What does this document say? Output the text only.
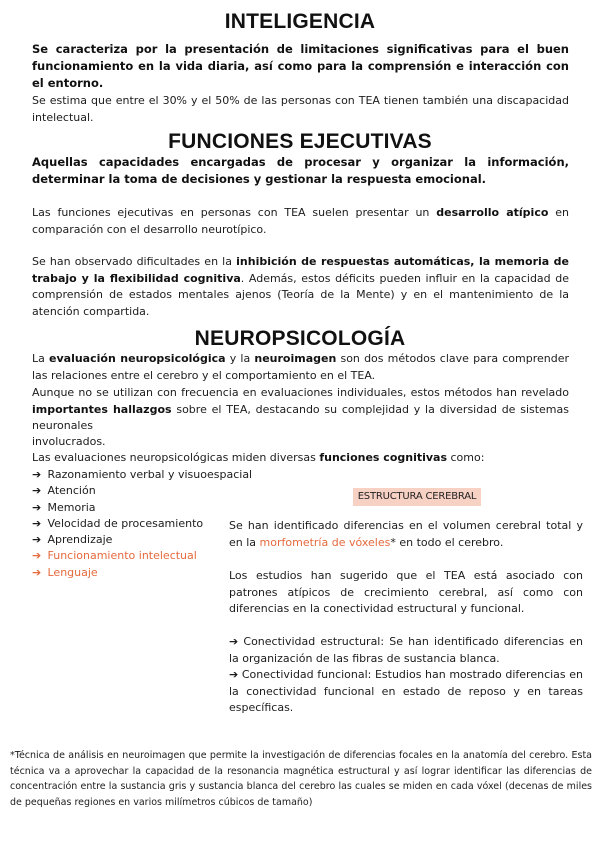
INTELIGENCIA

Se caracteriza por la presentación de limitaciones significativas para el buen funcionamiento en la vida diaria, así como para la comprensión e interacción con el entorno.

Se estima que entre el 30% y el 50% de las personas con TEA tienen también una discapacidad intelectual.

FUNCIONES EJECUTIVAS

Aquellas capacidades encargadas de procesar y organizar la información, determinar la toma de decisiones y gestionar la respuesta emocional.

Las funciones ejecutivas en personas con TEA suelen presentar un desarrollo atípico en comparación con el desarrollo neurotípico.

Se han observado dificultades en la inhibición de respuestas automáticas, la memoria de trabajo y la flexibilidad cognitiva. Además, estos déficits pueden influir en la capacidad de comprensión de estados mentales ajenos (Teoría de la Mente) y en el mantenimiento de la atención compartida.

NEUROPSICOLOGÍA

La evaluación neuropsicológica y la neuroimagen son dos métodos clave para comprender las relaciones entre el cerebro y el comportamiento en el TEA.

Aunque no se utilizan con frecuencia en evaluaciones individuales, estos métodos han revelado importantes hallazgos sobre el TEA, destacando su complejidad y la diversidad de sistemas neuronales

involucrados.

Las evaluaciones neuropsicológicas miden diversas funciones cognitivas como:

➔ Razonamiento verbal y visuoespacial
➔ Atención
➔ Memoria
➔ Velocidad de procesamiento
➔ Aprendizaje
➔ Funcionamiento intelectual
➔ Lenguaje
ESTRUCTURA CEREBRAL

Se han identificado diferencias en el volumen cerebral total y en la morfometría de vóxeles* en todo el cerebro.

Los estudios han sugerido que el TEA está asociado con patrones atípicos de crecimiento cerebral, así como con diferencias en la conectividad estructural y funcional.

➔ Conectividad estructural: Se han identificado diferencias en la organización de las fibras de sustancia blanca.

➔ Conectividad funcional: Estudios han mostrado diferencias en la conectividad funcional en estado de reposo y en tareas específicas.

*Técnica de análisis en neuroimagen que permite la investigación de diferencias focales en la anatomía del cerebro. Esta técnica va a aprovechar la capacidad de la resonancia magnética estructural y así lograr identificar las diferencias de concentración entre la sustancia gris y sustancia blanca del cerebro las cuales se miden en cada vóxel (decenas de miles de pequeñas regiones en varios milímetros cúbicos de tamaño)
